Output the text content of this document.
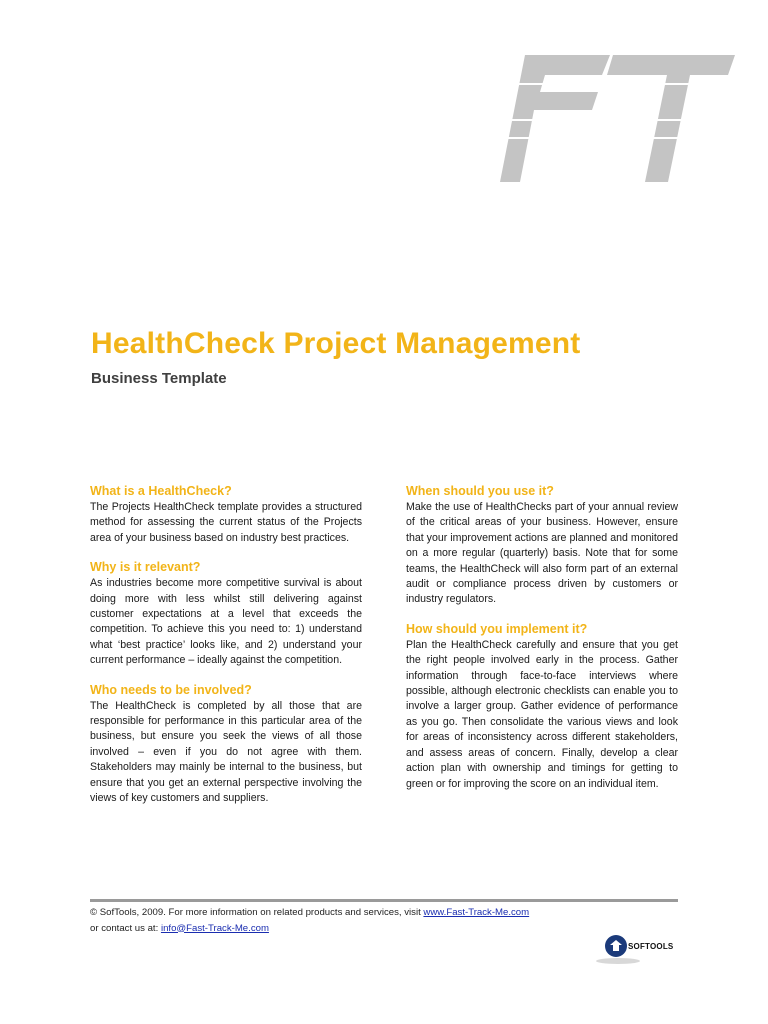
HealthCheck Project Management
Business Template
What is a HealthCheck?

The Projects HealthCheck template provides a structured method for assessing the current status of the Projects area of your business based on industry best practices.

Why is it relevant?

As industries become more competitive survival is about doing more with less whilst still delivering against customer expectations at a level that exceeds the competition. To achieve this you need to: 1) understand what ‘best practice’ looks like, and 2) understand your current performance – ideally against the competition.

Who needs to be involved?

The HealthCheck is completed by all those that are responsible for performance in this particular area of the business, but ensure you seek the views of all those involved – even if you do not agree with them. Stakeholders may mainly be internal to the business, but ensure that you get an external perspective involving the views of key customers and suppliers.

When should you use it?

Make the use of HealthChecks part of your annual review of the critical areas of your business. However, ensure that your improvement actions are planned and monitored on a more regular (quarterly) basis. Note that for some teams, the HealthCheck will also form part of an external audit or compliance process driven by customers or industry regulators.

How should you implement it?

Plan the HealthCheck carefully and ensure that you get the right people involved early in the process. Gather information through face-to-face interviews where possible, although electronic checklists can enable you to involve a larger group. Gather evidence of performance as you go. Then consolidate the various views and look for areas of inconsistency across different stakeholders, and assess areas of concern. Finally, develop a clear action plan with ownership and timings for getting to green or for improving the score on an individual item.

© SofTools, 2009. For more information on related products and services, visit www.Fast-Track-Me.com
or contact us at: info@Fast-Track-Me.com
SOFTOOLS
